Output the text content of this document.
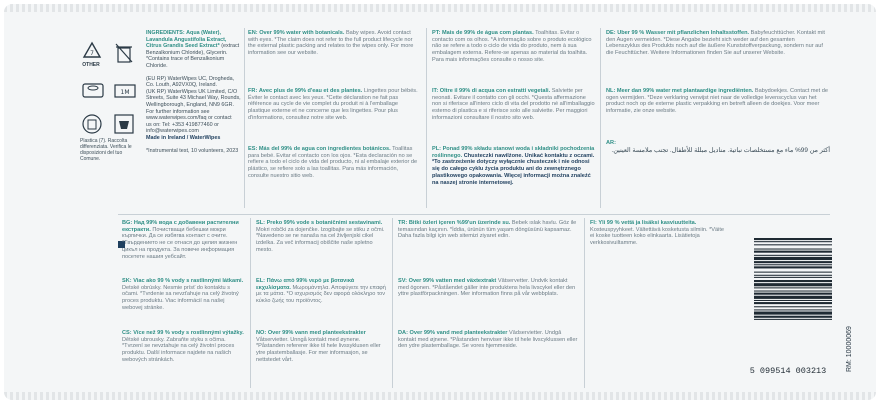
7
OTHER
1M
Plastica (7). Raccolta differenziata. Verifica le disposizioni del tuo Comune.
INGREDIENTS: Aqua (Water), Lavandula Angustifolia Extract, Citrus Grandis Seed Extract* (extract Benzalkonium Chloride), Glycerin. *Contains trace of Benzalkonium Chloride.
(EU RP) WaterWipes UC, Drogheda, Co. Louth, A92VX0Q, Ireland.
(UK RP) WaterWipes UK Limited, C/O Streets, Suite 43 Michael Way, Rounds, Wellingborough, England, NN9 6GR.
For further information see
www.waterwipes.com/faq or contact
us on: Tel: +353 419877460 or
info@waterwipes.com
Made in Ireland / WaterWipes
*Instrumental test, 10 volunteers, 2023
EN: Over 99% water with botanicals. Baby wipes. Avoid contact with eyes. *The claim does not refer to the full product lifecycle nor the external plastic packing and relates to the wipes only. For more information see our website.
FR: Avec plus de 99% d'eau et des plantes. Lingettes pour bébés. Éviter le contact avec les yeux. *Cette déclaration ne fait pas référence au cycle de vie complet du produit ni à l'emballage plastique externe et ne concerne que les lingettes. Pour plus d'informations, consultez notre site web.
ES: Más del 99% de agua con ingredientes botánicos. Toallitas para bebé. Evitar el contacto con los ojos. *Esta declaración no se refiere a todo el ciclo de vida del producto, ni al embalaje exterior de plástico, se refiere solo a las toallitas. Para más información, consulte nuestro sitio web.
PT: Mais de 99% de água com plantas. Toalhitas. Evitar o contacto com os olhos. *A informação sobre o produto ecológico não se refere a todo o ciclo de vida do produto, nem à sua embalagem externa. Refere-se apenas ao material da toalhita. Para mais informações consulte o nosso site.
IT: Oltre il 99% di acqua con estratti vegetali. Salviette per neonati. Evitare il contatto con gli occhi. *Questa affermazione non si riferisce all'intero ciclo di vita del prodotto né all'imballaggio esterno di plastica e si riferisce solo alle salviette. Per maggiori informazioni consultare il nostro sito web.
PL: Ponad 99% składu stanowi woda i składniki pochodzenia roślinnego. Chusteczki nawilżone. Unikać kontaktu z oczami. *To zastrzeżenie dotyczy wyłącznie chusteczek i nie odnosi się do całego cyklu życia produktu ani do zewnętrznego plastikowego opakowania. Więcej informacji można znaleźć na naszej stronie internetowej.
DE: Über 99 % Wasser mit pflanzlichen Inhaltsstoffen. Babyfeuchttücher. Kontakt mit den Augen vermeiden. *Diese Angabe bezieht sich weder auf den gesamten Lebenszyklus des Produkts noch auf die äußere Kunststoffverpackung, sondern nur auf die Feuchttücher. Weitere Informationen finden Sie auf unserer Website.
NL: Meer dan 99% water met plantaardige ingrediënten. Babydoekjes. Contact met de ogen vermijden. *Deze verklaring verwijst niet naar de volledige levenscyclus van het product noch op de externe plastic verpakking en betreft alleen de doekjes. Voor meer informatie, zie onze website.
AR:
أكثر من 99% ماء مع مستخلصات نباتية. مناديل مبللة للأطفال. تجنب ملامسة العينين.
BG: Над 99% вода с добавени растителни екстракти. Почистващи бебешки мокри кърпички. Да се избягва контакт с очите. *Твърдението не се отнася до целия жизнен цикъл на продукта. За повече информация посетете нашия уебсайт.
SK: Viac ako 99 % vody s rastlinnými látkami. Detské obrúsky. Nesmie prísť do kontaktu s očami. *Tvrdenie sa nevzťahuje na celý životný proces produktu. Viac informácií na našej webovej stránke.
CS: Více než 99 % vody s rostlinnými výtažky. Dětské ubrousky. Zabraňte styku s očima. *Tvrzení se nevztahuje na celý životní proces produktu. Další informace najdete na našich webových stránkách.
SL: Preko 99% vode s botaničnimi sestavinami. Mokri robčki za dojenčke. Izogibajte se stiku z očmi. *Navedeno se ne nanaša na cel življenjski cikel izdelka. Za več informacij obiščite naše spletno mesto.
EL: Πάνω από 99% νερό με βοτανικά εκχυλίσματα. Μωρομάντηλα. Αποφύγετε την επαφή με τα μάτια. *Ο ισχυρισμός δεν αφορά ολόκληρο τον κύκλο ζωής του προϊόντος.
NO: Over 99% vann med planteekstrakter Våtservietter. Unngå kontakt med øynene. *Påstanden refererer ikke til hele livssyklusen eller ytre plastemballasje. For mer informasjon, se nettstedet vårt.
TR: Bitki özleri içeren %99'un üzerinde su. Bebek ıslak havlu. Göz ile temasından kaçının. *İddia, ürünün tüm yaşam döngüsünü kapsamaz. Daha fazla bilgi için web sitemizi ziyaret edin.
SV: Över 99% vatten med växtextrakt Våtservetter. Undvik kontakt med ögonen. *Påståendet gäller inte produktens hela livscykel eller den yttre plastförpackningen. Mer information finns på vår webbplats.
DA: Over 99% vand med planteekstrakter Vådservietter. Undgå kontakt med øjnene. *Påstanden henviser ikke til hele livscyklussen eller den ydre plastemballage. Se vores hjemmeside.
FI: Yli 99 % vettä ja lisäksi kasviuutteita. Kosteuspyyhkeet. Vältettävä kosketusta silmiin. *Väite ei koske tuotteen koko elinkaarta. Lisätietoja verkkosivuiltamme.
5 099514 003213	RM: 10000069
